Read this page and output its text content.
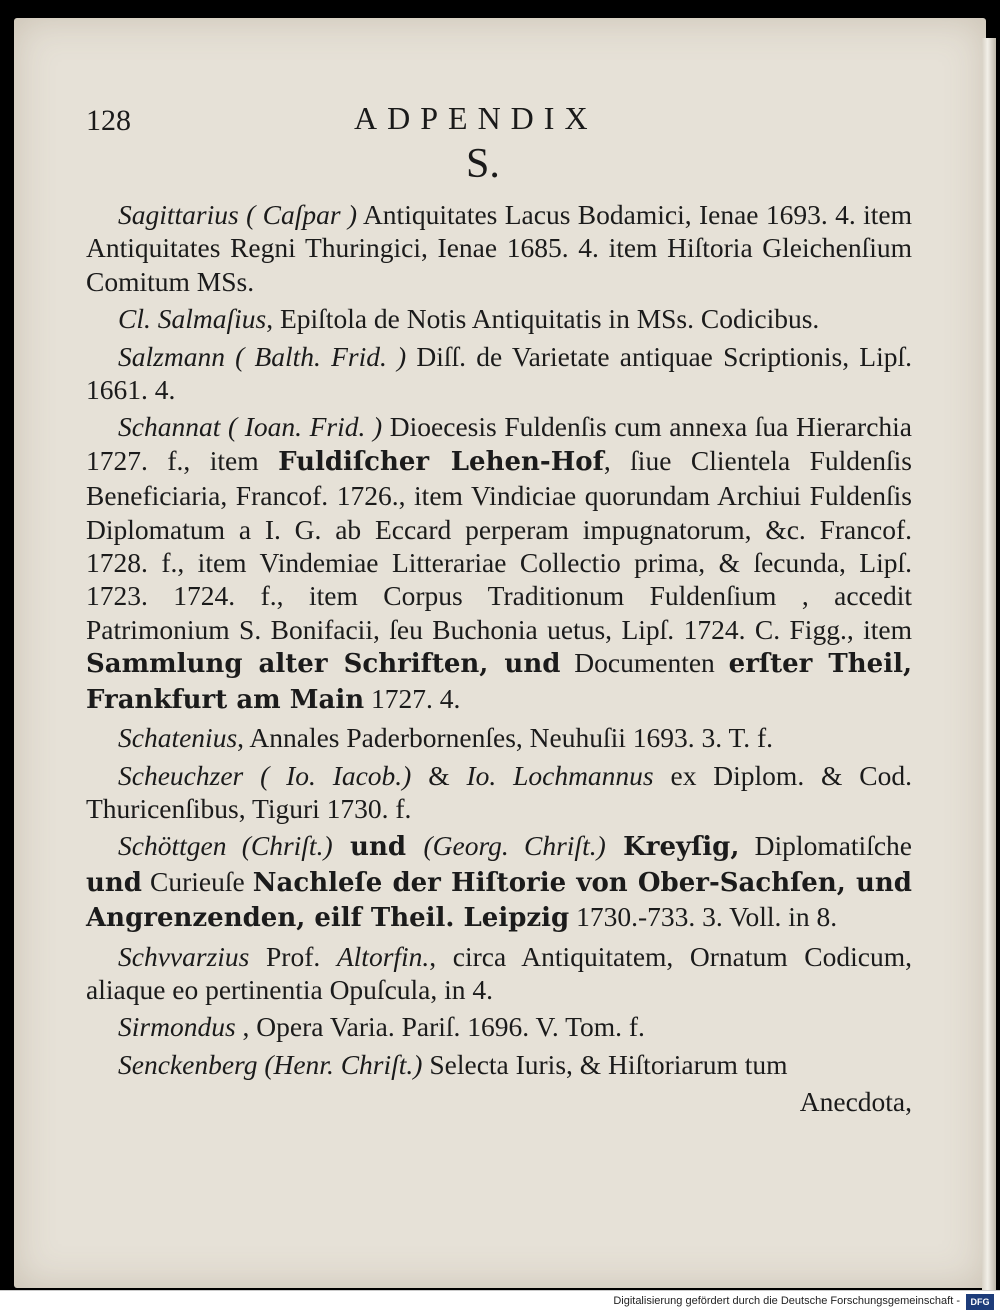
128	ADPENDIX
S.

Sagittarius ( Caſpar ) Antiquitates Lacus Bodamici, Ienae 1693. 4. item Antiquitates Regni Thuringici, Ienae 1685. 4. item Hiſtoria Gleichenſium Comitum MSs.

Cl. Salmaſius, Epiſtola de Notis Antiquitatis in MSs. Codicibus.

Salzmann ( Balth. Frid. ) Diſſ. de Varietate antiquae Scriptionis, Lipſ. 1661. 4.

Schannat ( Ioan. Frid. ) Dioecesis Fuldenſis cum annexa ſua Hierarchia 1727. f., item Fuldiſcher Lehen-Hof, ſiue Clientela Fuldenſis Beneficiaria, Francof. 1726., item Vindiciae quorundam Archiui Fuldenſis Diplomatum a I. G. ab Eccard perperam impugnatorum, &c. Francof. 1728. f., item Vindemiae Litterariae Collectio prima, & ſecunda, Lipſ. 1723. 1724. f., item Corpus Traditionum Fuldenſium , accedit Patrimonium S. Bonifacii, ſeu Buchonia uetus, Lipſ. 1724. C. Figg., item Sammlung alter Schriften, und Documenten erſter Theil, Frankfurt am Main 1727. 4.

Schatenius, Annales Paderbornenſes, Neuhuſii 1693. 3. T. f.

Scheuchzer ( Io. Iacob.) & Io. Lochmannus ex Diplom. & Cod. Thuricenſibus, Tiguri 1730. f.

Schöttgen (Chriſt.) und (Georg. Chriſt.) Kreyſig, Diplomatiſche und Curieuſe Nachleſe der Hiſtorie von Ober-Sachſen, und Angrenzenden, eilf Theil. Leipzig 1730.-733. 3. Voll. in 8.

Schvvarzius Prof. Altorfin., circa Antiquitatem, Ornatum Codicum, aliaque eo pertinentia Opuſcula, in 4.

Sirmondus , Opera Varia. Pariſ. 1696. V. Tom. f.

Senckenberg (Henr. Chriſt.) Selecta Iuris, & Hiſtoriarum tum

Anecdota,

Digitalisierung gefördert durch die Deutsche Forschungsgemeinschaft -	DFG
